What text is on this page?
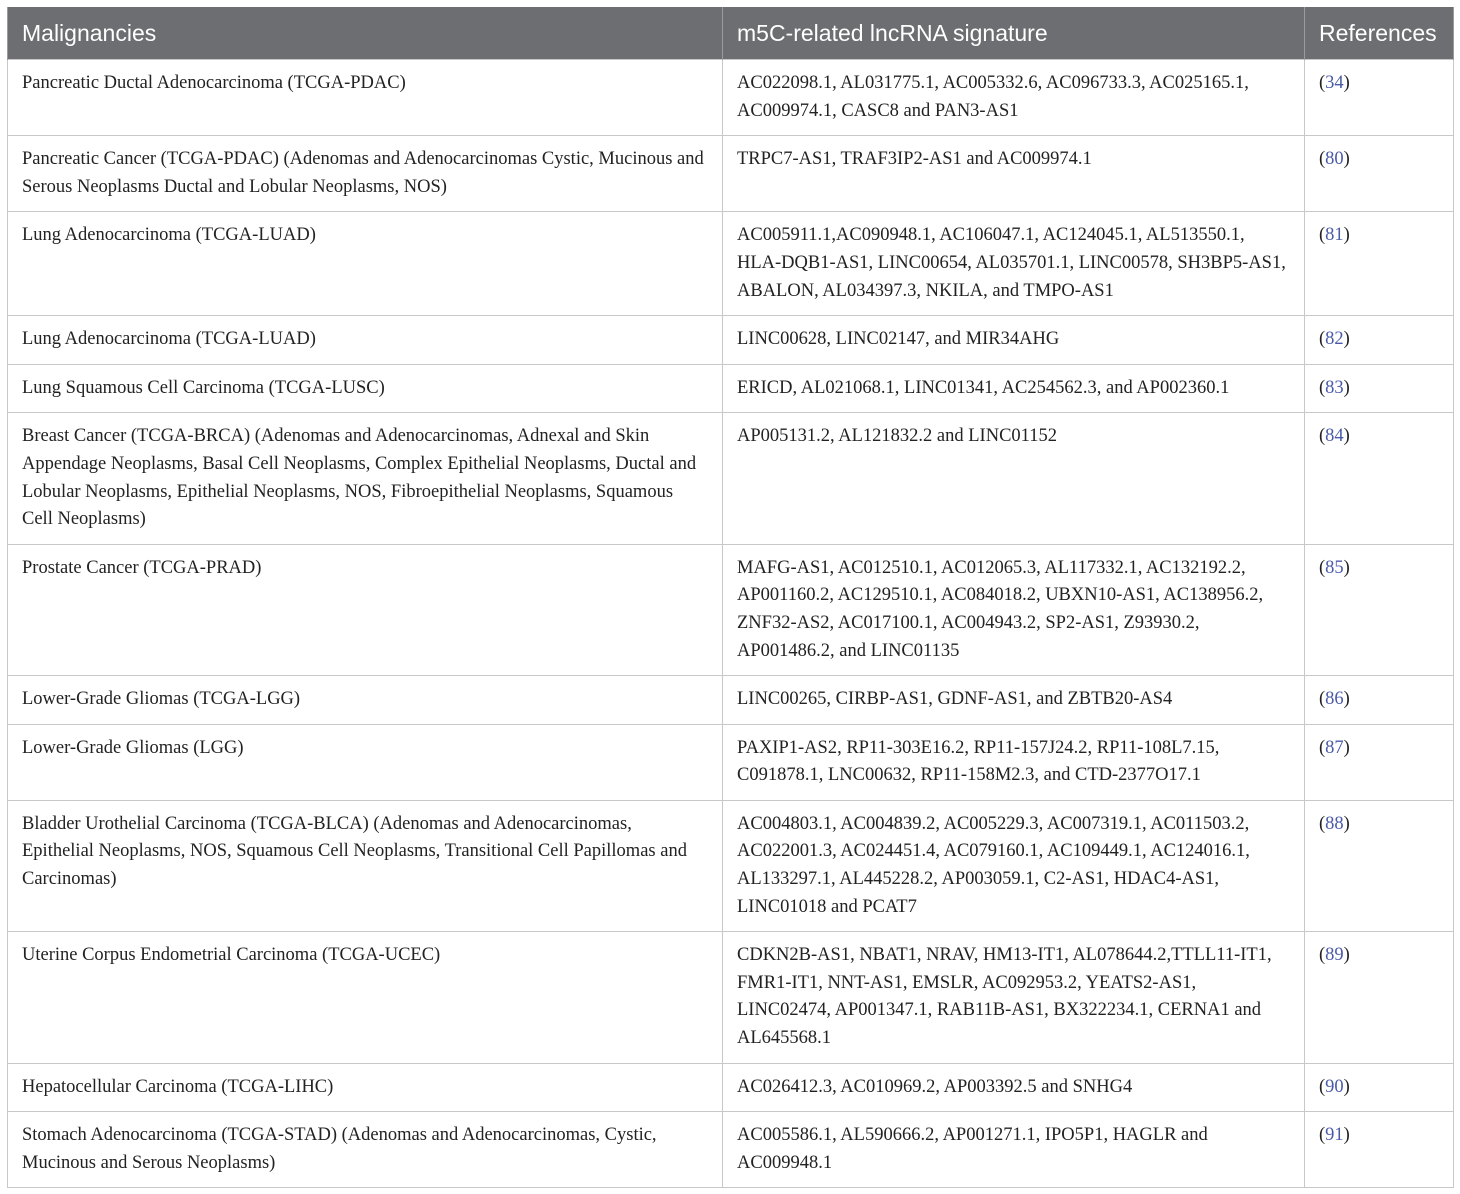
Malignancies	m5C-related lncRNA signature	References
Pancreatic Ductal Adenocarcinoma (TCGA-PDAC)	AC022098.1, AL031775.1, AC005332.6, AC096733.3, AC025165.1, AC009974.1, CASC8 and PAN3-AS1	(34)
Pancreatic Cancer (TCGA-PDAC) (Adenomas and Adenocarcinomas Cystic, Mucinous and Serous Neoplasms Ductal and Lobular Neoplasms, NOS)	TRPC7-AS1, TRAF3IP2-AS1 and AC009974.1	(80)
Lung Adenocarcinoma (TCGA-LUAD)	AC005911.1,AC090948.1, AC106047.1, AC124045.1, AL513550.1, HLA-DQB1-AS1, LINC00654, AL035701.1, LINC00578, SH3BP5-AS1, ABALON, AL034397.3, NKILA, and TMPO-AS1	(81)
Lung Adenocarcinoma (TCGA-LUAD)	LINC00628, LINC02147, and MIR34AHG	(82)
Lung Squamous Cell Carcinoma (TCGA-LUSC)	ERICD, AL021068.1, LINC01341, AC254562.3, and AP002360.1	(83)
Breast Cancer (TCGA-BRCA) (Adenomas and Adenocarcinomas, Adnexal and Skin Appendage Neoplasms, Basal Cell Neoplasms, Complex Epithelial Neoplasms, Ductal and Lobular Neoplasms, Epithelial Neoplasms, NOS, Fibroepithelial Neoplasms, Squamous Cell Neoplasms)	AP005131.2, AL121832.2 and LINC01152	(84)
Prostate Cancer (TCGA-PRAD)	MAFG-AS1, AC012510.1, AC012065.3, AL117332.1, AC132192.2, AP001160.2, AC129510.1, AC084018.2, UBXN10-AS1, AC138956.2, ZNF32-AS2, AC017100.1, AC004943.2, SP2-AS1, Z93930.2, AP001486.2, and LINC01135	(85)
Lower-Grade Gliomas (TCGA-LGG)	LINC00265, CIRBP-AS1, GDNF-AS1, and ZBTB20-AS4	(86)
Lower-Grade Gliomas (LGG)	PAXIP1-AS2, RP11-303E16.2, RP11-157J24.2, RP11-108L7.15, C091878.1, LNC00632, RP11-158M2.3, and CTD-2377O17.1	(87)
Bladder Urothelial Carcinoma (TCGA-BLCA) (Adenomas and Adenocarcinomas, Epithelial Neoplasms, NOS, Squamous Cell Neoplasms, Transitional Cell Papillomas and Carcinomas)	AC004803.1, AC004839.2, AC005229.3, AC007319.1, AC011503.2, AC022001.3, AC024451.4, AC079160.1, AC109449.1, AC124016.1, AL133297.1, AL445228.2, AP003059.1, C2-AS1, HDAC4-AS1, LINC01018 and PCAT7	(88)
Uterine Corpus Endometrial Carcinoma (TCGA-UCEC)	CDKN2B-AS1, NBAT1, NRAV, HM13-IT1, AL078644.2,TTLL11-IT1, FMR1-IT1, NNT-AS1, EMSLR, AC092953.2, YEATS2-AS1, LINC02474, AP001347.1, RAB11B-AS1, BX322234.1, CERNA1 and AL645568.1	(89)
Hepatocellular Carcinoma (TCGA-LIHC)	AC026412.3, AC010969.2, AP003392.5 and SNHG4	(90)
Stomach Adenocarcinoma (TCGA-STAD) (Adenomas and Adenocarcinomas, Cystic, Mucinous and Serous Neoplasms)	AC005586.1, AL590666.2, AP001271.1, IPO5P1, HAGLR and AC009948.1	(91)
